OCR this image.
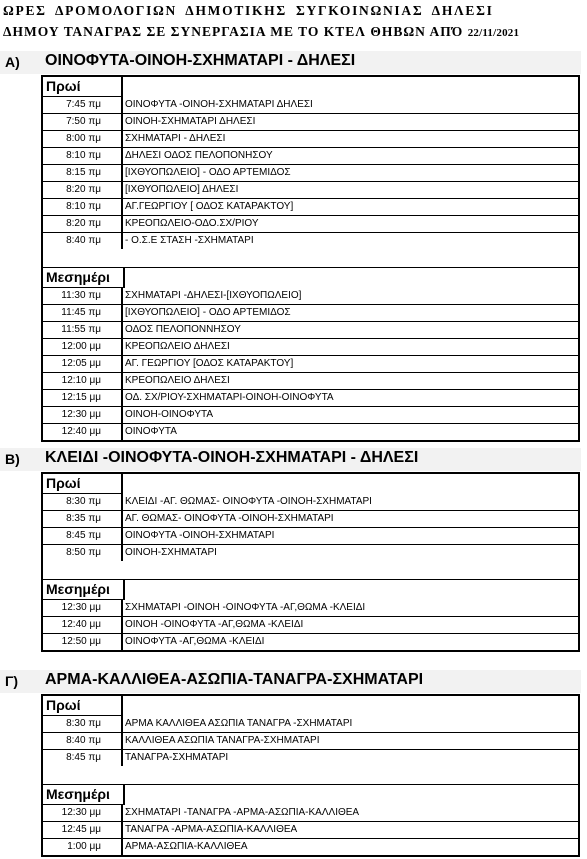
ΩΡΕΣ ΔΡΟΜΟΛΟΓΙΩΝ ΔΗΜΟΤΙΚΗΣ ΣΥΓΚΟΙΝΩΝΙΑΣ ΔΗΛΕΣΙ
ΔΗΜΟΥ ΤΑΝΑΓΡΑΣ ΣΕ ΣΥΝΕΡΓΑΣΙΑ ΜΕ ΤΟ ΚΤΕΛ ΘΗΒΩΝ ΑΠΌ 22/11/2021
Α) ΟΙΝΟΦΥΤΑ-ΟΙΝΟΗ-ΣΧΗΜΑΤΑΡΙ - ΔΗΛΕΣΙ
Πρωί
7:45 πμ	ΟΙΝΟΦΥΤΑ -ΟΙΝΟΗ-ΣΧΗΜΑΤΑΡΙ ΔΗΛΕΣΙ
7:50 πμ	ΟΙΝΟΗ-ΣΧΗΜΑΤΑΡΙ ΔΗΛΕΣΙ
8:00 πμ	ΣΧΗΜΑΤΑΡΙ - ΔΗΛΕΣΙ
8:10 πμ	ΔΗΛΕΣΙ ΟΔΟΣ ΠΕΛΟΠΟΝΗΣΟΥ
8:15 πμ	[ΙΧΘΥΟΠΩΛΕΙΟ] - ΟΔΟ ΑΡΤΕΜΙΔΟΣ
8:20 πμ	[ΙΧΘΥΟΠΩΛΕΙΟ] ΔΗΛΕΣΙ
8:10 πμ	ΑΓ.ΓΕΩΡΓΙΟΥ [ ΟΔΟΣ ΚΑΤΑΡΑΚΤΟΥ]
8:20 πμ	ΚΡΕΟΠΩΛΕΙΟ-ΟΔΟ.ΣΧ/ΡΙΟΥ
8:40 πμ	- Ο.Σ.Ε ΣΤΑΣΗ -ΣΧΗΜΑΤΑΡΙ
Μεσημέρι
11:30 πμ	ΣΧΗΜΑΤΑΡΙ -ΔΗΛΕΣΙ-[ΙΧΘΥΟΠΩΛΕΙΟ]
11:45 πμ	[ΙΧΘΥΟΠΩΛΕΙΟ] - ΟΔΟ ΑΡΤΕΜΙΔΟΣ
11:55 πμ	ΟΔΟΣ ΠΕΛΟΠΟΝΝΗΣΟΥ
12:00 μμ	ΚΡΕΟΠΩΛΕΙΟ ΔΗΛΕΣΙ
12:05 μμ	ΑΓ. ΓΕΩΡΓΙΟΥ [ΟΔΟΣ ΚΑΤΑΡΑΚΤΟΥ]
12:10 μμ	ΚΡΕΟΠΩΛΕΙΟ ΔΗΛΕΣΙ
12:15 μμ	ΟΔ. ΣΧ/ΡΙΟΥ-ΣΧΗΜΑΤΑΡΙ-ΟΙΝΟΗ-ΟΙΝΟΦΥΤΑ
12:30 μμ	ΟΙΝΟΗ-ΟΙΝΟΦΥΤΑ
12:40 μμ	ΟΙΝΟΦΥΤΑ
Β) ΚΛΕΙΔΙ -ΟΙΝΟΦΥΤΑ-ΟΙΝΟΗ-ΣΧΗΜΑΤΑΡΙ - ΔΗΛΕΣΙ
Πρωί
8:30 πμ	ΚΛΕΙΔΙ -ΑΓ. ΘΩΜΑΣ- ΟΙΝΟΦΥΤΑ -ΟΙΝΟΗ-ΣΧΗΜΑΤΑΡΙ
8:35 πμ	ΑΓ. ΘΩΜΑΣ- ΟΙΝΟΦΥΤΑ -ΟΙΝΟΗ-ΣΧΗΜΑΤΑΡΙ
8:45 πμ	ΟΙΝΟΦΥΤΑ -ΟΙΝΟΗ-ΣΧΗΜΑΤΑΡΙ
8:50 πμ	ΟΙΝΟΗ-ΣΧΗΜΑΤΑΡΙ
Μεσημέρι
12:30 μμ	ΣΧΗΜΑΤΑΡΙ -ΟΙΝΟΗ -ΟΙΝΟΦΥΤΑ -ΑΓ,ΘΩΜΑ -ΚΛΕΙΔΙ
12:40 μμ	ΟΙΝΟΗ -ΟΙΝΟΦΥΤΑ -ΑΓ,ΘΩΜΑ -ΚΛΕΙΔΙ
12:50 μμ	ΟΙΝΟΦΥΤΑ -ΑΓ,ΘΩΜΑ -ΚΛΕΙΔΙ
Γ) ΑΡΜΑ-ΚΑΛΛΙΘΕΑ-ΑΣΩΠΙΑ-ΤΑΝΑΓΡΑ-ΣΧΗΜΑΤΑΡΙ
Πρωί
8:30 πμ	ΑΡΜΑ ΚΑΛΛΙΘΕΑ ΑΣΩΠΙΑ ΤΑΝΑΓΡΑ -ΣΧΗΜΑΤΑΡΙ
8:40 πμ	ΚΑΛΛΙΘΕΑ ΑΣΩΠΙΑ ΤΑΝΑΓΡΑ-ΣΧΗΜΑΤΑΡΙ
8:45 πμ	ΤΑΝΑΓΡΑ-ΣΧΗΜΑΤΑΡΙ
Μεσημέρι
12:30 μμ	ΣΧΗΜΑΤΑΡΙ -ΤΑΝΑΓΡΑ -ΑΡΜΑ-ΑΣΩΠΙΑ-ΚΑΛΛΙΘΕΑ
12:45 μμ	ΤΑΝΑΓΡΑ -ΑΡΜΑ-ΑΣΩΠΙΑ-ΚΑΛΛΙΘΕΑ
1:00 μμ	ΑΡΜΑ-ΑΣΩΠΙΑ-ΚΑΛΛΙΘΕΑ
